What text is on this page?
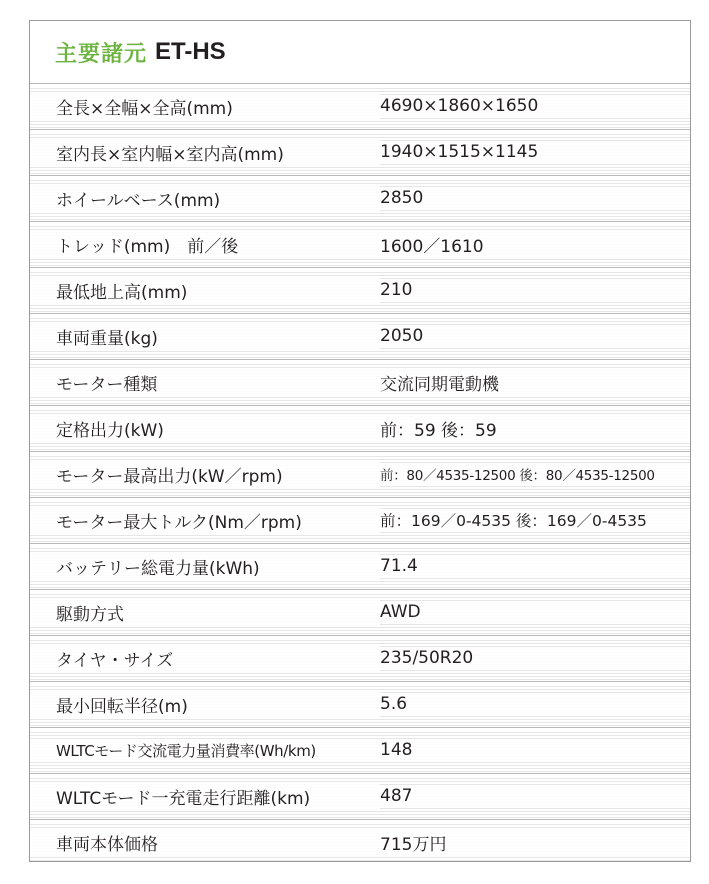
主要諸元 ET-HS
全長×全幅×全高(mm)	4690×1860×1650
室内長×室内幅×室内高(mm)	1940×1515×1145
ホイールベース(mm)	2850
トレッド(mm)　前／後	1600／1610
最低地上高(mm)	210
車両重量(kg)	2050
モーター種類	交流同期電動機
定格出力(kW)	前：59 後：59
モーター最高出力(kW／rpm)	前：80／4535-12500 後：80／4535-12500
モーター最大トルク(Nm／rpm)	前：169／0-4535 後：169／0-4535
バッテリー総電力量(kWh)	71.4
駆動方式	AWD
タイヤ・サイズ	235/50R20
最小回転半径(m)	5.6
WLTCモード交流電力量消費率(Wh/km)	148
WLTCモード一充電走行距離(km)	487
車両本体価格	715万円
